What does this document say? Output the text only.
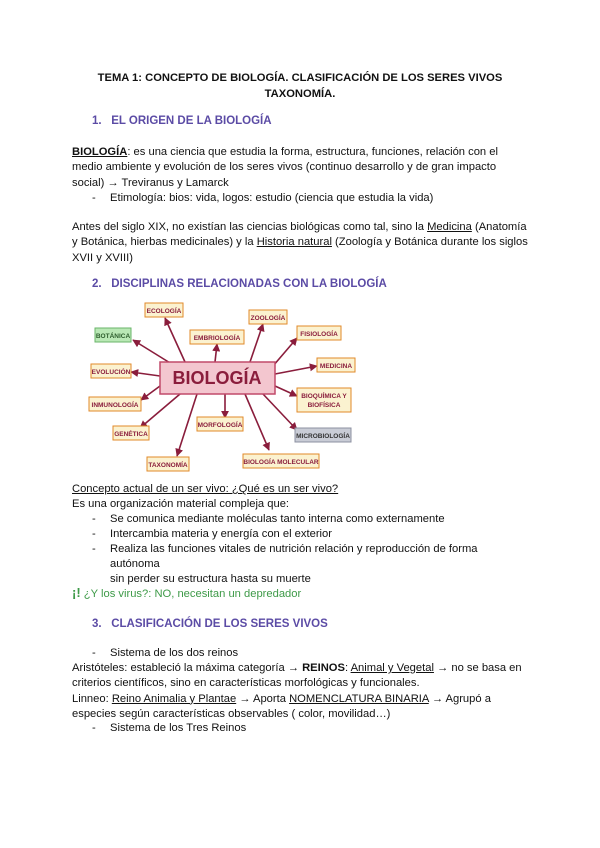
TEMA 1: CONCEPTO DE BIOLOGÍA. CLASIFICACIÓN DE LOS SERES VIVOS
TAXONOMÍA.
1. EL ORIGEN DE LA BIOLOGÍA
BIOLOGÍA: es una ciencia que estudia la forma, estructura, funciones, relación con el
medio ambiente y evolución de los seres vivos (continuo desarrollo y de gran impacto
social) → Treviranus y Lamarck
- Etimología: bios: vida, logos: estudio (ciencia que estudia la vida)
Antes del siglo XIX, no existían las ciencias biológicas como tal, sino la Medicina (Anatomía
y Botánica, hierbas medicinales) y la Historia natural (Zoología y Botánica durante los siglos
XVII y XVIII)
2. DISCIPLINAS RELACIONADAS CON LA BIOLOGÍA
BIOLOGÍA
ECOLOGÍA
BOTÁNICA	EMBRIOLOGÍA
ZOOLOGÍA
FISIOLOGÍA
MEDICINA
EVOLUCIÓN
INMUNOLOGÍA
BIOQUÍMICA Y
BIOFÍSICA
GENÉTICA
MORFOLOGÍA
MICROBIOLOGÍA
TAXONOMÍA	BIOLOGÍA MOLECULAR
Concepto actual de un ser vivo: ¿Qué es un ser vivo?
Es una organización material compleja que:
- Se comunica mediante moléculas tanto interna como externamente
- Intercambia materia y energía con el exterior
- Realiza las funciones vitales de nutrición relación y reproducción de forma autónoma
sin perder su estructura hasta su muerte
¡! ¿Y los virus?: NO, necesitan un depredador
3. CLASIFICACIÓN DE LOS SERES VIVOS
- Sistema de los dos reinos
Aristóteles: estableció la máxima categoría → REINOS: Animal y Vegetal → no se basa en
criterios científicos, sino en características morfológicas y funcionales.
Linneo: Reino Animalia y Plantae → Aporta NOMENCLATURA BINARIA → Agrupó a
especies según características observables ( color, movilidad…)
- Sistema de los Tres Reinos
